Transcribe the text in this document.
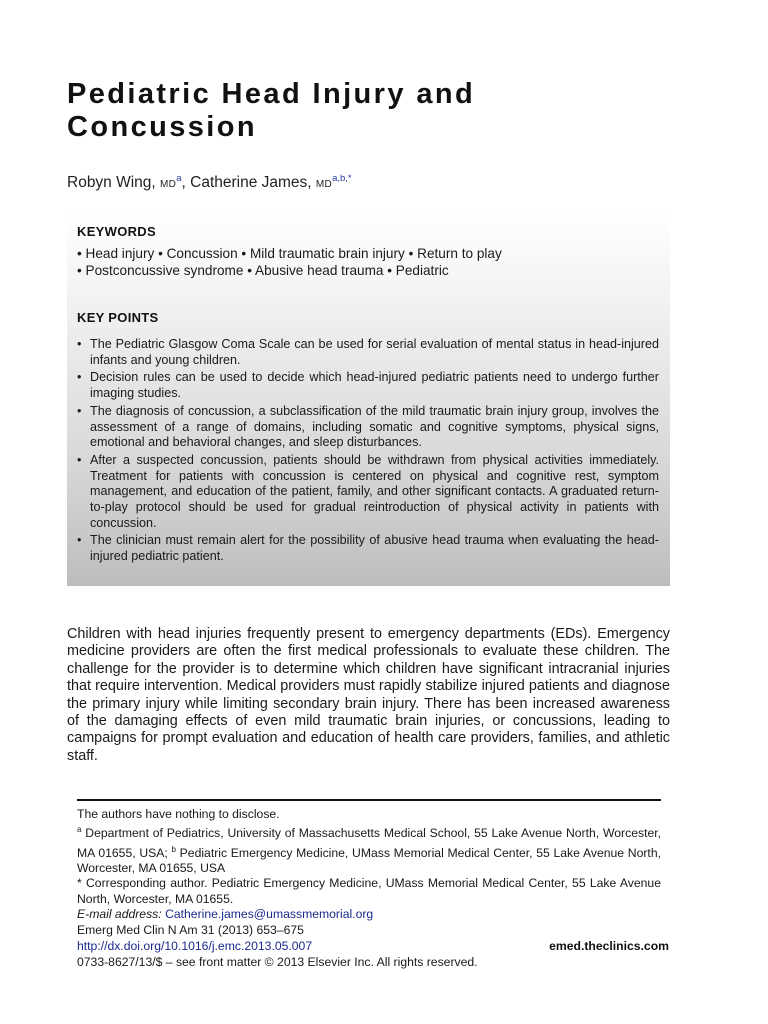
Pediatric Head Injury and
Concussion
Robyn Wing, $MD^a$, Catherine James, $MD^{a,b,*}$
KEYWORDS
• Head injury • Concussion • Mild traumatic brain injury • Return to play
• Postconcussive syndrome • Abusive head trauma • Pediatric
KEY POINTS
• The Pediatric Glasgow Coma Scale can be used for serial evaluation of mental status in head-injured infants and young children.
• Decision rules can be used to decide which head-injured pediatric patients need to undergo further imaging studies.
• The diagnosis of concussion, a subclassification of the mild traumatic brain injury group, involves the assessment of a range of domains, including somatic and cognitive symptoms, physical signs, emotional and behavioral changes, and sleep disturbances.
• After a suspected concussion, patients should be withdrawn from physical activities immediately. Treatment for patients with concussion is centered on physical and cognitive rest, symptom management, and education of the patient, family, and other significant contacts. A graduated return-to-play protocol should be used for gradual reintroduction of physical activity in patients with concussion.
• The clinician must remain alert for the possibility of abusive head trauma when evaluating the head-injured pediatric patient.

Children with head injuries frequently present to emergency departments (EDs). Emergency medicine providers are often the first medical professionals to evaluate these children. The challenge for the provider is to determine which children have significant intracranial injuries that require intervention. Medical providers must rapidly stabilize injured patients and diagnose the primary injury while limiting secondary brain injury. There has been increased awareness of the damaging effects of even mild traumatic brain injuries, or concussions, leading to campaigns for prompt evaluation and education of health care providers, families, and athletic staff.

The authors have nothing to disclose.

$^a$ Department of Pediatrics, University of Massachusetts Medical School, 55 Lake Avenue North, Worcester, MA 01655, USA; $^b$ Pediatric Emergency Medicine, UMass Memorial Medical Center, 55 Lake Avenue North, Worcester, MA 01655, USA

* Corresponding author. Pediatric Emergency Medicine, UMass Memorial Medical Center, 55 Lake Avenue North, Worcester, MA 01655.

E-mail address: Catherine.james@umassmemorial.org

Emerg Med Clin N Am 31 (2013) 653–675

http://dx.doi.org/10.1016/j.emc.2013.05.007

0733-8627/13/$ – see front matter © 2013 Elsevier Inc. All rights reserved.

emed.theclinics.com
